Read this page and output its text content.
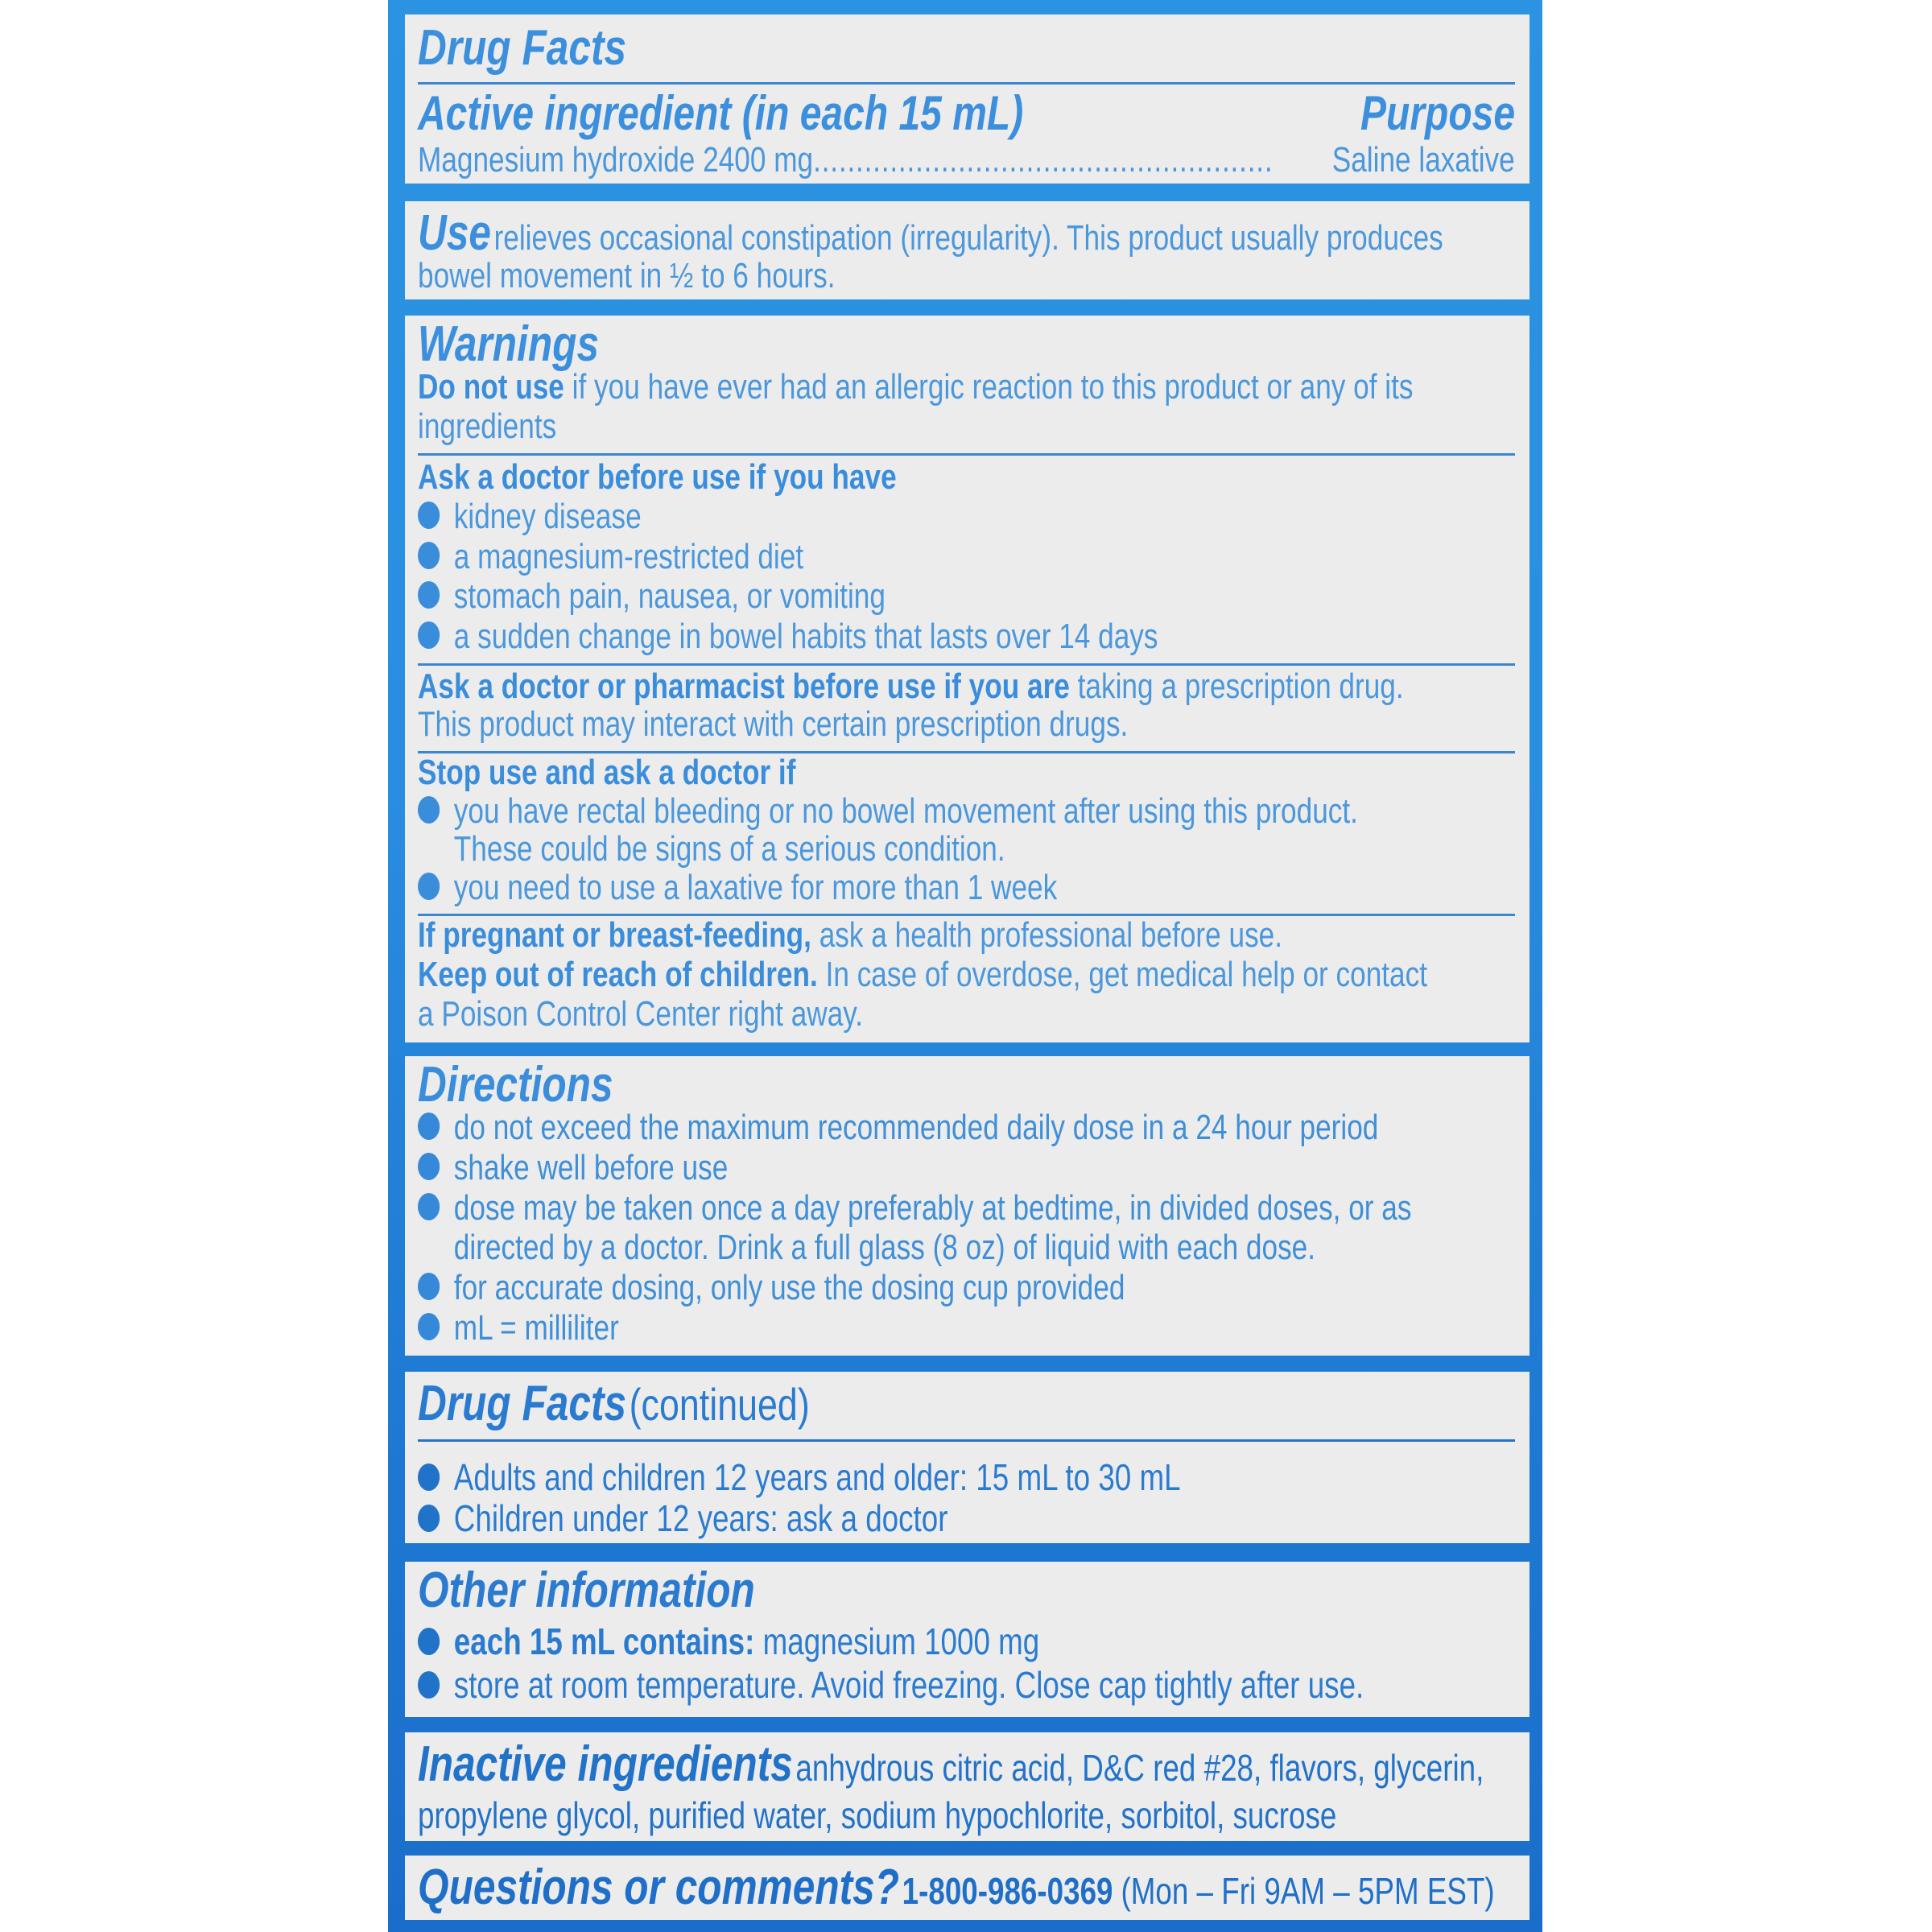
Drug Facts
Active ingredient (in each 15 mL)	Purpose
Magnesium hydroxide 2400 mg...................................................... Saline laxative
Use relieves occasional constipation (irregularity). This product usually produces
bowel movement in ½ to 6 hours.
Warnings
Do not use if you have ever had an allergic reaction to this product or any of its
ingredients
Ask a doctor before use if you have
kidney disease
a magnesium-restricted diet
stomach pain, nausea, or vomiting
a sudden change in bowel habits that lasts over 14 days
Ask a doctor or pharmacist before use if you are taking a prescription drug.
This product may interact with certain prescription drugs.
Stop use and ask a doctor if
you have rectal bleeding or no bowel movement after using this product.
These could be signs of a serious condition.
you need to use a laxative for more than 1 week
If pregnant or breast-feeding, ask a health professional before use.
Keep out of reach of children. In case of overdose, get medical help or contact
a Poison Control Center right away.
Directions
do not exceed the maximum recommended daily dose in a 24 hour period
shake well before use
dose may be taken once a day preferably at bedtime, in divided doses, or as
directed by a doctor. Drink a full glass (8 oz) of liquid with each dose.
for accurate dosing, only use the dosing cup provided
mL = milliliter
Drug Facts (continued)
Adults and children 12 years and older: 15 mL to 30 mL
Children under 12 years: ask a doctor
Other information
each 15 mL contains: magnesium 1000 mg
store at room temperature. Avoid freezing. Close cap tightly after use.
Inactive ingredients anhydrous citric acid, D&C red #28, flavors, glycerin,
propylene glycol, purified water, sodium hypochlorite, sorbitol, sucrose
Questions or comments? 1-800-986-0369 (Mon – Fri 9AM – 5PM EST)
